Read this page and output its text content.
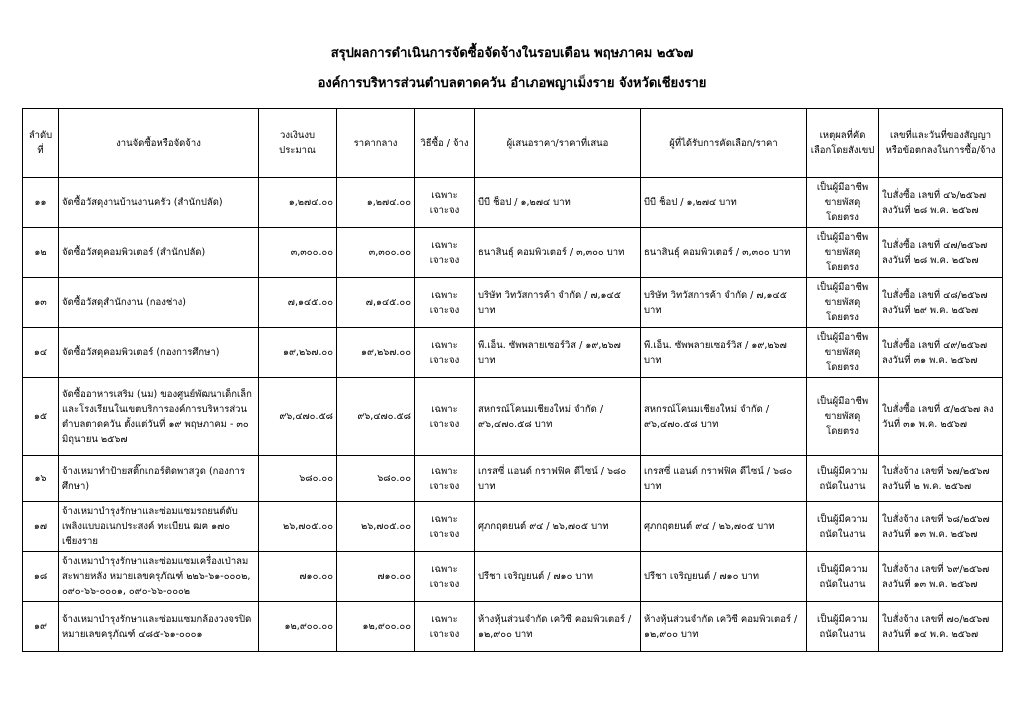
สรุปผลการดำเนินการจัดซื้อจัดจ้างในรอบเดือน พฤษภาคม ๒๕๖๗
องค์การบริหารส่วนตำบลตาดควัน อำเภอพญาเม็งราย จังหวัดเชียงราย
ลำดับที่	งานจัดซื้อหรือจัดจ้าง	วงเงินงบประมาณ	ราคากลาง	วิธีซื้อ / จ้าง	ผู้เสนอราคา/ราคาที่เสนอ	ผู้ที่ได้รับการคัดเลือก/ราคา	เหตุผลที่คัดเลือกโดยสังเขป	เลขที่และวันที่ของสัญญาหรือข้อตกลงในการซื้อ/จ้าง
๑๑	จัดซื้อวัสดุงานบ้านงานครัว (สำนักปลัด)	๑,๒๗๔.๐๐	๑,๒๗๔.๐๐	เฉพาะเจาะจง	บีบี ช็อป / ๑,๒๗๔ บาท	บีบี ช็อป / ๑,๒๗๔ บาท	เป็นผู้มีอาชีพขายพัสดุโดยตรง	ใบสั่งซื้อ เลขที่ ๔๖/๒๕๖๗ ลงวันที่ ๒๘ พ.ค. ๒๕๖๗
๑๒	จัดซื้อวัสดุคอมพิวเตอร์ (สำนักปลัด)	๓,๓๐๐.๐๐	๓,๓๐๐.๐๐	เฉพาะเจาะจง	ธนาสินธุ์ คอมพิวเตอร์ / ๓,๓๐๐ บาท	ธนาสินธุ์ คอมพิวเตอร์ / ๓,๓๐๐ บาท	เป็นผู้มีอาชีพขายพัสดุโดยตรง	ใบสั่งซื้อ เลขที่ ๔๗/๒๕๖๗ ลงวันที่ ๒๘ พ.ค. ๒๕๖๗
๑๓	จัดซื้อวัสดุสำนักงาน (กองช่าง)	๗,๑๔๕.๐๐	๗,๑๔๕.๐๐	เฉพาะเจาะจง	บริษัท วิทวัสการค้า จำกัด / ๗,๑๔๕ บาท	บริษัท วิทวัสการค้า จำกัด / ๗,๑๔๕ บาท	เป็นผู้มีอาชีพขายพัสดุโดยตรง	ใบสั่งซื้อ เลขที่ ๔๘/๒๕๖๗ ลงวันที่ ๒๙ พ.ค. ๒๕๖๗
๑๔	จัดซื้อวัสดุคอมพิวเตอร์ (กองการศึกษา)	๑๙,๒๖๗.๐๐	๑๙,๒๖๗.๐๐	เฉพาะเจาะจง	พี.เอ็น. ซัพพลายเซอร์วิส / ๑๙,๒๖๗ บาท	พี.เอ็น. ซัพพลายเซอร์วิส / ๑๙,๒๖๗ บาท	เป็นผู้มีอาชีพขายพัสดุโดยตรง	ใบสั่งซื้อ เลขที่ ๔๙/๒๕๖๗ ลงวันที่ ๓๑ พ.ค. ๒๕๖๗
๑๕	จัดซื้ออาหารเสริม (นม) ของศูนย์พัฒนาเด็กเล็กและโรงเรียนในเขตบริการองค์การบริหารส่วนตำบลตาดควัน ตั้งแต่วันที่ ๑๙ พฤษภาคม - ๓๐ มิถุนายน ๒๕๖๗	๙๖,๔๗๐.๕๘	๙๖,๔๗๐.๕๘	เฉพาะเจาะจง	สหกรณ์โคนมเชียงใหม่ จำกัด / ๙๖,๔๗๐.๕๘ บาท	สหกรณ์โคนมเชียงใหม่ จำกัด / ๙๖,๔๗๐.๕๘ บาท	เป็นผู้มีอาชีพขายพัสดุโดยตรง	ใบสั่งซื้อ เลขที่ ๕/๒๕๖๗ ลงวันที่ ๓๑ พ.ค. ๒๕๖๗
๑๖	จ้างเหมาทำป้ายสติ๊กเกอร์ติดพาสวูด (กองการศึกษา)	๖๘๐.๐๐	๖๘๐.๐๐	เฉพาะเจาะจง	เกรสซี่ แอนด์ กราฟฟิค ดีไซน์ / ๖๘๐ บาท	เกรสซี่ แอนด์ กราฟฟิค ดีไซน์ / ๖๘๐ บาท	เป็นผู้มีความถนัดในงาน	ใบสั่งจ้าง เลขที่ ๖๗/๒๕๖๗ ลงวันที่ ๒ พ.ค. ๒๕๖๗
๑๗	จ้างเหมาบำรุงรักษาและซ่อมแซมรถยนต์ดับเพลิงแบบอเนกประสงค์ ทะเบียน ฒฅ ๑๗๐ เชียงราย	๒๖,๗๐๕.๐๐	๒๖,๗๐๕.๐๐	เฉพาะเจาะจง	ศุภกฤตยนต์ ๙๔ / ๒๖,๗๐๕ บาท	ศุภกฤตยนต์ ๙๔ / ๒๖,๗๐๕ บาท	เป็นผู้มีความถนัดในงาน	ใบสั่งจ้าง เลขที่ ๖๘/๒๕๖๗ ลงวันที่ ๑๓ พ.ค. ๒๕๖๗
๑๘	จ้างเหมาบำรุงรักษาและซ่อมแซมเครื่องเป่าลมสะพายหลัง หมายเลขครุภัณฑ์ ๒๒๖-๖๑-๐๐๐๒, ๐๙๐-๖๖-๐๐๐๑, ๐๙๐-๖๖-๐๐๐๒	๗๑๐.๐๐	๗๑๐.๐๐	เฉพาะเจาะจง	ปรีชา เจริญยนต์ / ๗๑๐ บาท	ปรีชา เจริญยนต์ / ๗๑๐ บาท	เป็นผู้มีความถนัดในงาน	ใบสั่งจ้าง เลขที่ ๖๙/๒๕๖๗ ลงวันที่ ๑๓ พ.ค. ๒๕๖๗
๑๙	จ้างเหมาบำรุงรักษาและซ่อมแซมกล้องวงจรปิด หมายเลขครุภัณฑ์ ๔๘๕-๖๑-๐๐๐๑	๑๒,๙๐๐.๐๐	๑๒,๙๐๐.๐๐	เฉพาะเจาะจง	ห้างหุ้นส่วนจำกัด เควิซี คอมพิวเตอร์ / ๑๒,๙๐๐ บาท	ห้างหุ้นส่วนจำกัด เควิซี คอมพิวเตอร์ / ๑๒,๙๐๐ บาท	เป็นผู้มีความถนัดในงาน	ใบสั่งจ้าง เลขที่ ๗๐/๒๕๖๗ ลงวันที่ ๑๔ พ.ค. ๒๕๖๗
